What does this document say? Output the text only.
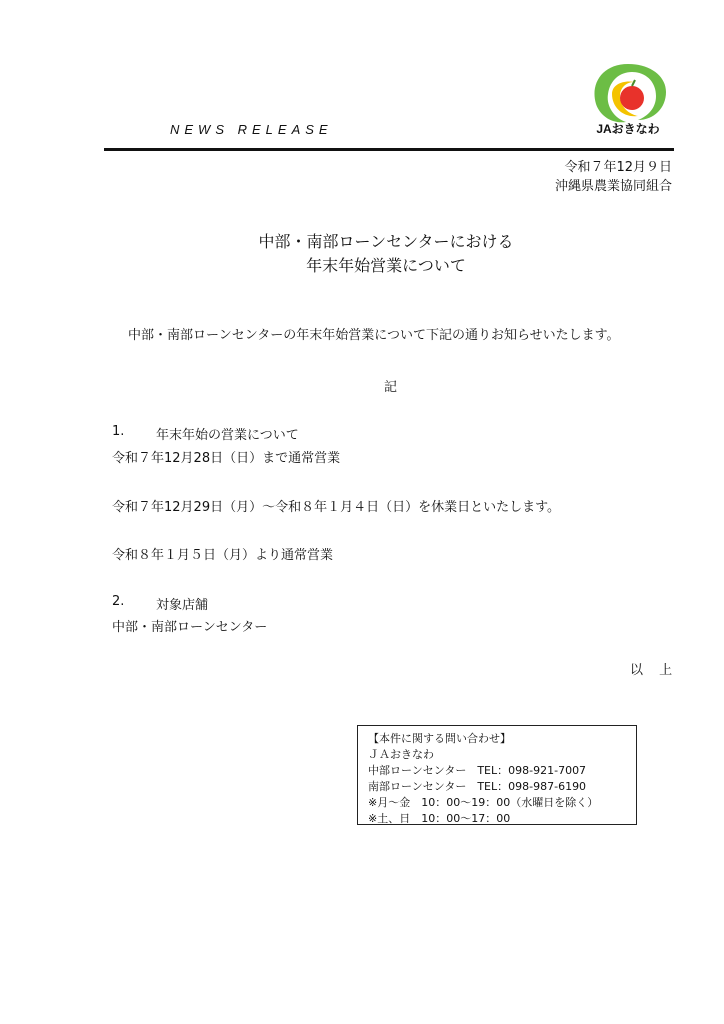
NEWS RELEASE	JAおきなわ
令和７年12月９日
沖縄県農業協同組合
中部・南部ローンセンターにおける
年末年始営業について
中部・南部ローンセンターの年末年始営業について下記の通りお知らせいたします。
記
1. 年末年始の営業について
令和７年12月28日（日）まで通常営業
令和７年12月29日（月）～令和８年１月４日（日）を休業日といたします。
令和８年１月５日（月）より通常営業
2. 対象店舗
中部・南部ローンセンター
以 上
【本件に関する問い合わせ】
ＪＡおきなわ
中部ローンセンター　TEL：098-921-7007
南部ローンセンター　TEL：098-987-6190
※月～金　10：00～19：00（水曜日を除く）
※土、日　10：00～17：00
